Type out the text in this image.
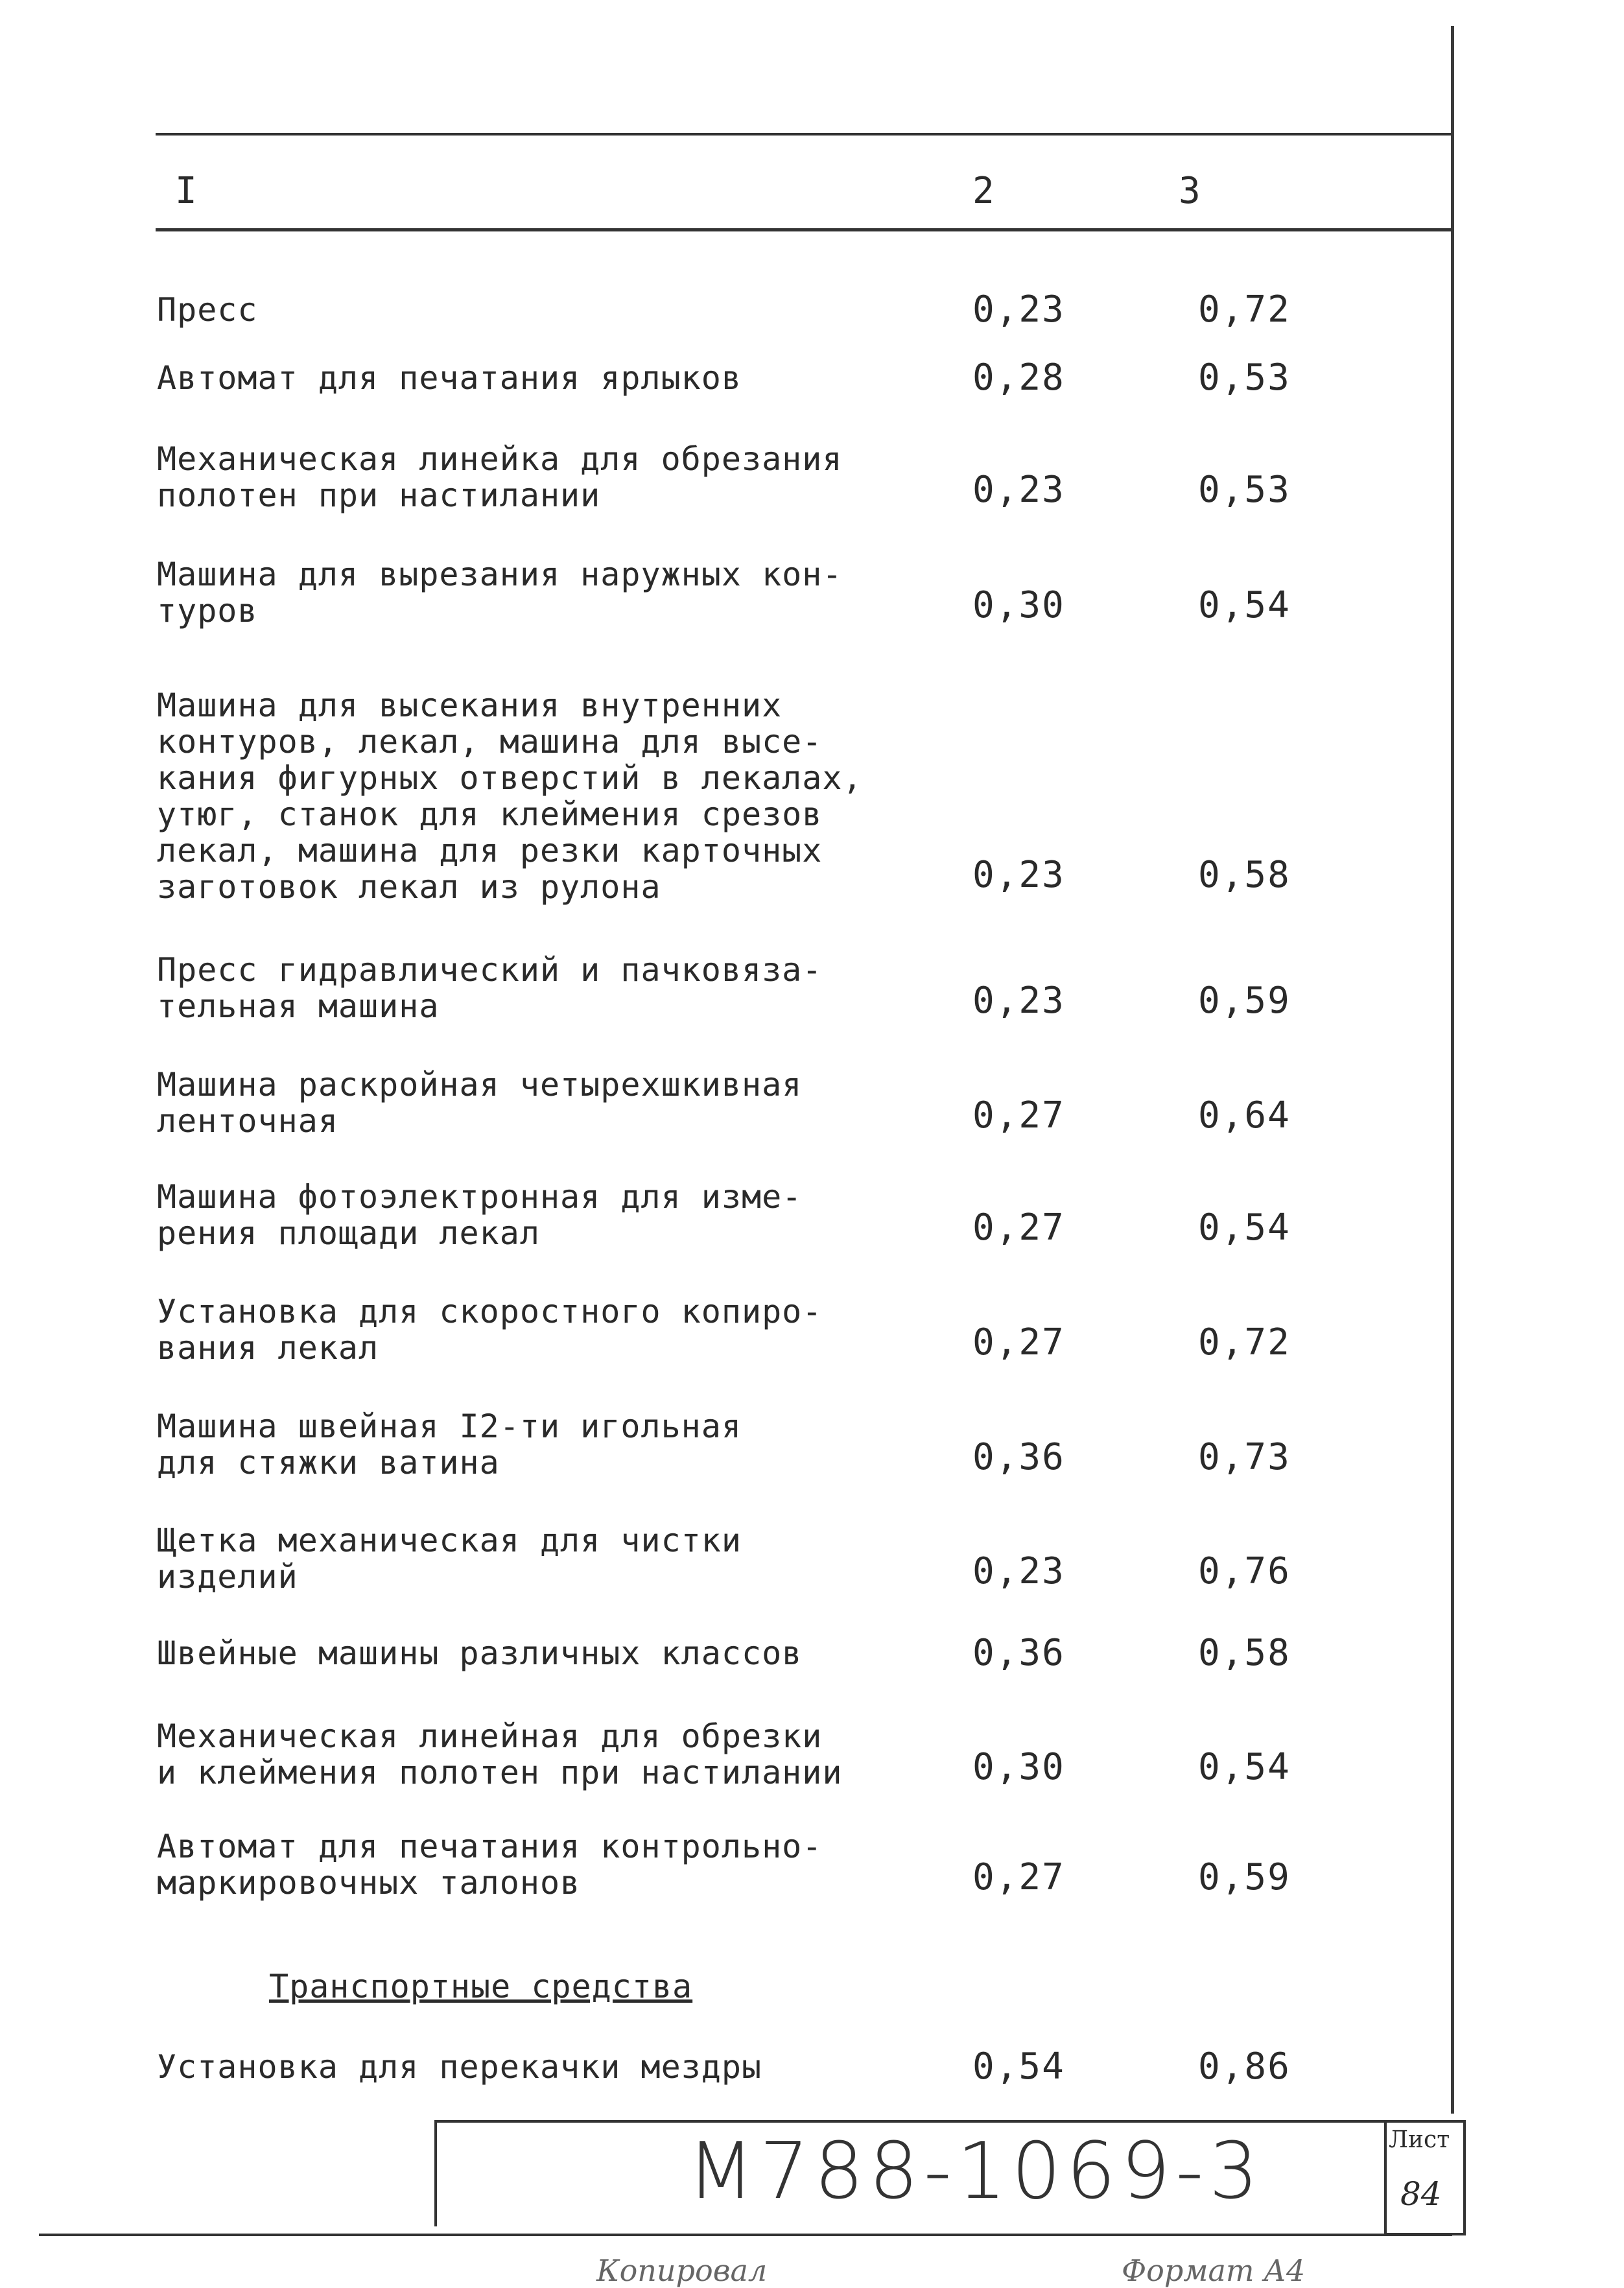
I	2	3
Пресс	0,23	0,72
Автомат для печатания ярлыков	0,28	0,53
Механическая линейка для обрезания
полотен при настилании	0,23	0,53
Машина для вырезания наружных кон-
туров	0,30	0,54
Машина для высекания внутренних
контуров, лекал, машина для высе-
кания фигурных отверстий в лекалах,
утюг, станок для клеймения срезов
лекал, машина для резки карточных
заготовок лекал из рулона	0,23	0,58
Пресс гидравлический и пачковяза-
тельная машина	0,23	0,59
Машина раскройная четырехшкивная
ленточная	0,27	0,64
Машина фотоэлектронная для изме-
рения площади лекал	0,27	0,54
Установка для скоростного копиро-
вания лекал	0,27	0,72
Машина швейная I2-ти игольная
для стяжки ватина	0,36	0,73
Щетка механическая для чистки
изделий	0,23	0,76
Швейные машины различных классов	0,36	0,58
Механическая линейная для обрезки
и клеймения полотен при настилании	0,30	0,54
Автомат для печатания контрольно-
маркировочных талонов	0,27	0,59
Транспортные средства
Установка для перекачки мездры	0,54	0,86
М788-1069-3	Лист
84
Копировал	Формат А4
